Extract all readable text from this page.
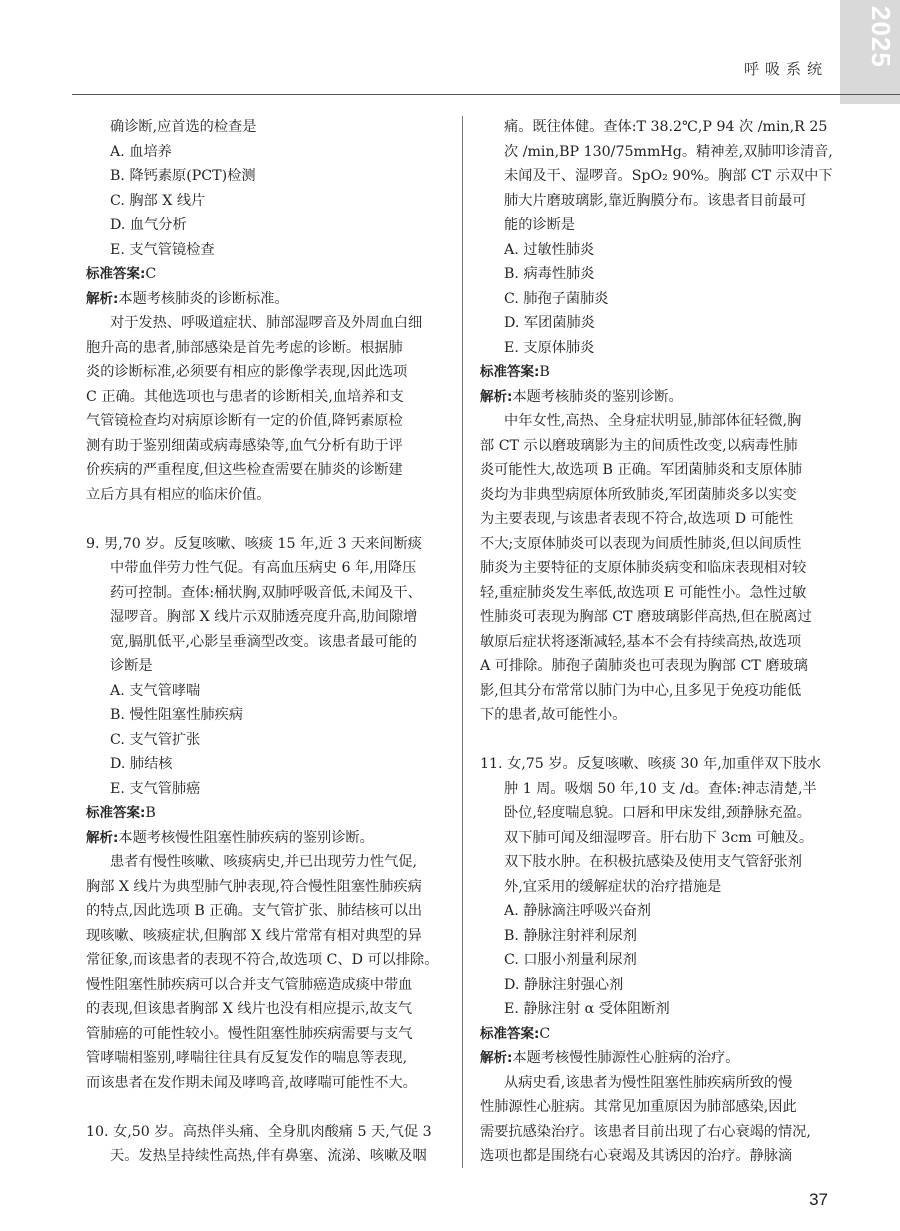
2025
呼吸系统
确诊断,应首选的检查是
A. 血培养
B. 降钙素原(PCT)检测
C. 胸部 X 线片
D. 血气分析
E. 支气管镜检查
标准答案:C
解析:本题考核肺炎的诊断标准。
对于发热、呼吸道症状、肺部湿啰音及外周血白细
胞升高的患者,肺部感染是首先考虑的诊断。根据肺
炎的诊断标准,必须要有相应的影像学表现,因此选项
C 正确。其他选项也与患者的诊断相关,血培养和支
气管镜检查均对病原诊断有一定的价值,降钙素原检
测有助于鉴别细菌或病毒感染等,血气分析有助于评
价疾病的严重程度,但这些检查需要在肺炎的诊断建
立后方具有相应的临床价值。
9. 男,70 岁。反复咳嗽、咳痰 15 年,近 3 天来间断痰
中带血伴劳力性气促。有高血压病史 6 年,用降压
药可控制。查体:桶状胸,双肺呼吸音低,未闻及干、
湿啰音。胸部 X 线片示双肺透亮度升高,肋间隙增
宽,膈肌低平,心影呈垂滴型改变。该患者最可能的
诊断是
A. 支气管哮喘
B. 慢性阻塞性肺疾病
C. 支气管扩张
D. 肺结核
E. 支气管肺癌
标准答案:B
解析:本题考核慢性阻塞性肺疾病的鉴别诊断。
患者有慢性咳嗽、咳痰病史,并已出现劳力性气促,
胸部 X 线片为典型肺气肿表现,符合慢性阻塞性肺疾病
的特点,因此选项 B 正确。支气管扩张、肺结核可以出
现咳嗽、咳痰症状,但胸部 X 线片常常有相对典型的异
常征象,而该患者的表现不符合,故选项 C、D 可以排除。
慢性阻塞性肺疾病可以合并支气管肺癌造成痰中带血
的表现,但该患者胸部 X 线片也没有相应提示,故支气
管肺癌的可能性较小。慢性阻塞性肺疾病需要与支气
管哮喘相鉴别,哮喘往往具有反复发作的喘息等表现,
而该患者在发作期未闻及哮鸣音,故哮喘可能性不大。
10. 女,50 岁。高热伴头痛、全身肌肉酸痛 5 天,气促 3
天。发热呈持续性高热,伴有鼻塞、流涕、咳嗽及咽
痛。既往体健。查体:T 38.2℃,P 94 次 /min,R 25
次 /min,BP 130/75mmHg。精神差,双肺叩诊清音,
未闻及干、湿啰音。SpO₂ 90%。胸部 CT 示双中下
肺大片磨玻璃影,靠近胸膜分布。该患者目前最可
能的诊断是
A. 过敏性肺炎
B. 病毒性肺炎
C. 肺孢子菌肺炎
D. 军团菌肺炎
E. 支原体肺炎
标准答案:B
解析:本题考核肺炎的鉴别诊断。
中年女性,高热、全身症状明显,肺部体征轻微,胸
部 CT 示以磨玻璃影为主的间质性改变,以病毒性肺
炎可能性大,故选项 B 正确。军团菌肺炎和支原体肺
炎均为非典型病原体所致肺炎,军团菌肺炎多以实变
为主要表现,与该患者表现不符合,故选项 D 可能性
不大;支原体肺炎可以表现为间质性肺炎,但以间质性
肺炎为主要特征的支原体肺炎病变和临床表现相对较
轻,重症肺炎发生率低,故选项 E 可能性小。急性过敏
性肺炎可表现为胸部 CT 磨玻璃影伴高热,但在脱离过
敏原后症状将逐渐减轻,基本不会有持续高热,故选项
A 可排除。肺孢子菌肺炎也可表现为胸部 CT 磨玻璃
影,但其分布常常以肺门为中心,且多见于免疫功能低
下的患者,故可能性小。
11. 女,75 岁。反复咳嗽、咳痰 30 年,加重伴双下肢水
肿 1 周。吸烟 50 年,10 支 /d。查体:神志清楚,半
卧位,轻度喘息貌。口唇和甲床发绀,颈静脉充盈。
双下肺可闻及细湿啰音。肝右肋下 3cm 可触及。
双下肢水肿。在积极抗感染及使用支气管舒张剂
外,宜采用的缓解症状的治疗措施是
A. 静脉滴注呼吸兴奋剂
B. 静脉注射袢利尿剂
C. 口服小剂量利尿剂
D. 静脉注射强心剂
E. 静脉注射 α 受体阻断剂
标准答案:C
解析:本题考核慢性肺源性心脏病的治疗。
从病史看,该患者为慢性阻塞性肺疾病所致的慢
性肺源性心脏病。其常见加重原因为肺部感染,因此
需要抗感染治疗。该患者目前出现了右心衰竭的情况,
选项也都是围绕右心衰竭及其诱因的治疗。静脉滴
37
